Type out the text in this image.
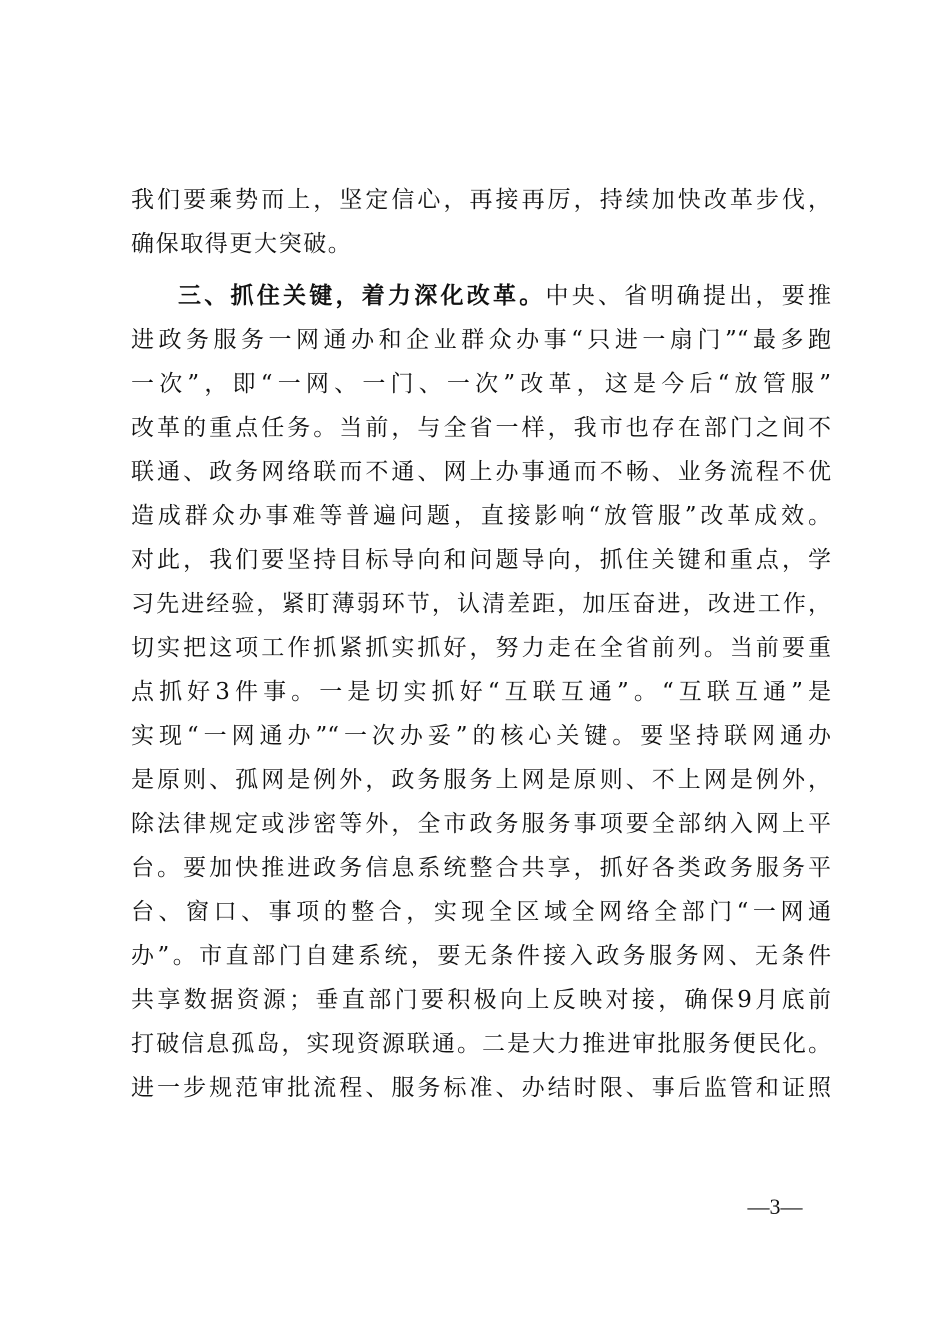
我们要乘势而上，坚定信心，再接再厉，持续加快改革步伐，
确保取得更大突破。
三、抓住关键，着力深化改革。中央、省明确提出，要推
进政务服务一网通办和企业群众办事“只进一扇门”“最多跑
一次”，即“一网、一门、一次”改革，这是今后“放管服”
改革的重点任务。当前，与全省一样，我市也存在部门之间不
联通、政务网络联而不通、网上办事通而不畅、业务流程不优
造成群众办事难等普遍问题，直接影响“放管服”改革成效。
对此，我们要坚持目标导向和问题导向，抓住关键和重点，学
习先进经验，紧盯薄弱环节，认清差距，加压奋进，改进工作，
切实把这项工作抓紧抓实抓好，努力走在全省前列。当前要重
点抓好3件事。一是切实抓好“互联互通”。“互联互通”是
实现“一网通办”“一次办妥”的核心关键。要坚持联网通办
是原则、孤网是例外，政务服务上网是原则、不上网是例外，
除法律规定或涉密等外，全市政务服务事项要全部纳入网上平
台。要加快推进政务信息系统整合共享，抓好各类政务服务平
台、窗口、事项的整合，实现全区域全网络全部门“一网通
办”。市直部门自建系统，要无条件接入政务服务网、无条件
共享数据资源；垂直部门要积极向上反映对接，确保9月底前
打破信息孤岛，实现资源联通。二是大力推进审批服务便民化。
进一步规范审批流程、服务标准、办结时限、事后监管和证照
—3—
